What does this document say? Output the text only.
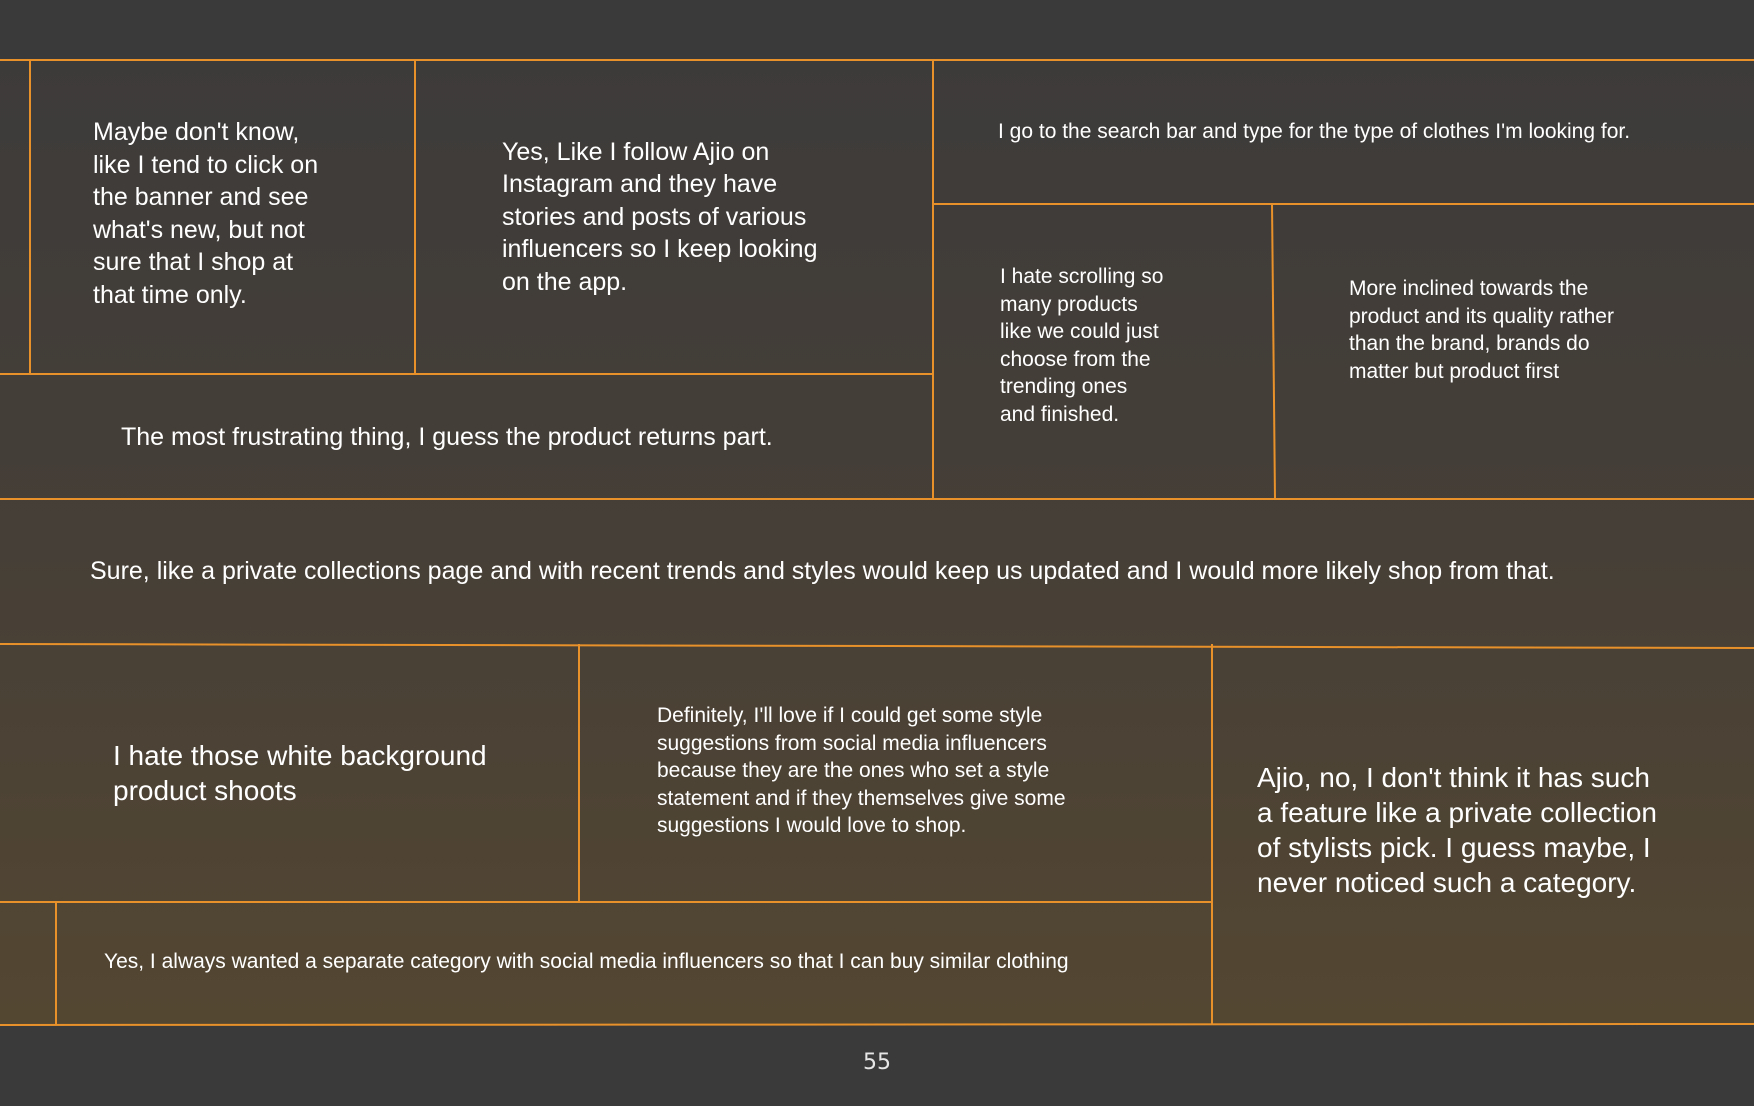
Maybe don't know,
like I tend to click on
the banner and see
what's new, but not
sure that I shop at
that time only.

Yes, Like I follow Ajio on
Instagram and they have
stories and posts of various
influencers so I keep looking
on the app.

I go to the search bar and type for the type of clothes I'm looking for.

I hate scrolling so
many products
like we could just
choose from the
trending ones
and finished.

More inclined towards the
product and its quality rather
than the brand, brands do
matter but product first

The most frustrating thing, I guess the product returns part.

Sure, like a private collections page and with recent trends and styles would keep us updated and I would more likely shop from that.

I hate those white background
product shoots

Definitely, I'll love if I could get some style
suggestions from social media influencers
because they are the ones who set a style
statement and if they themselves give some
suggestions I would love to shop.

Ajio, no, I don't think it has such
a feature like a private collection
of stylists pick. I guess maybe, I
never noticed such a category.

Yes, I always wanted a separate category with social media influencers so that I can buy similar clothing

55
